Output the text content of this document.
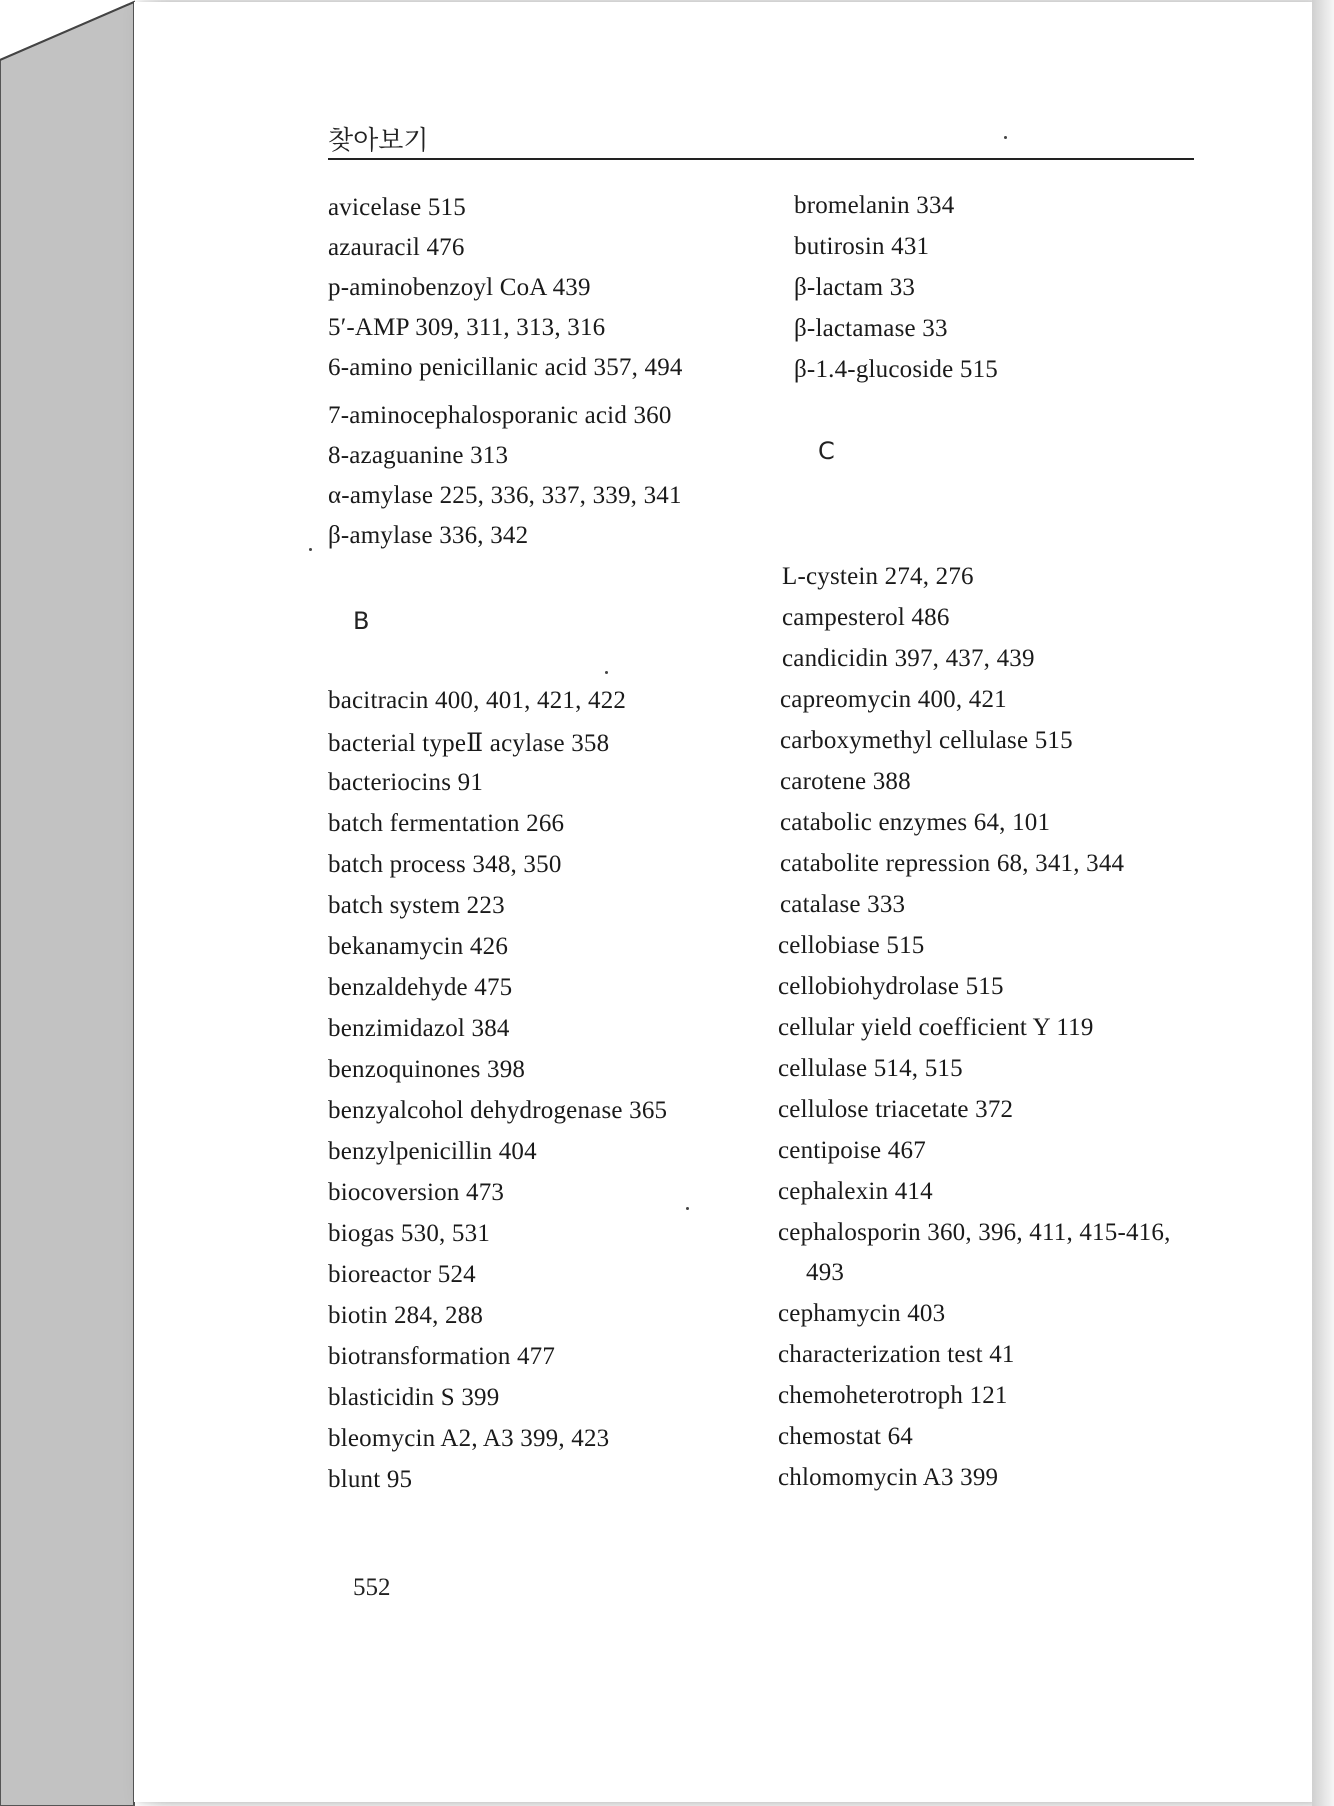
찾아보기
avicelase 515
azauracil 476
p-aminobenzoyl CoA 439
5′-AMP 309, 311, 313, 316
6-amino penicillanic acid 357, 494
7-aminocephalosporanic acid 360
8-azaguanine 313
α-amylase 225, 336, 337, 339, 341
β-amylase 336, 342
B
bacitracin 400, 401, 421, 422
bacterial typeⅡ acylase 358
bacteriocins 91
batch fermentation 266
batch process 348, 350
batch system 223
bekanamycin 426
benzaldehyde 475
benzimidazol 384
benzoquinones 398
benzyalcohol dehydrogenase 365
benzylpenicillin 404
biocoversion 473
biogas 530, 531
bioreactor 524
biotin 284, 288
biotransformation 477
blasticidin S 399
bleomycin A2, A3 399, 423
blunt 95
bromelanin 334
butirosin 431
β-lactam 33
β-lactamase 33
β-1.4-glucoside 515
C
L-cystein 274, 276
campesterol 486
candicidin 397, 437, 439
capreomycin 400, 421
carboxymethyl cellulase 515
carotene 388
catabolic enzymes 64, 101
catabolite repression 68, 341, 344
catalase 333
cellobiase 515
cellobiohydrolase 515
cellular yield coefficient Y 119
cellulase 514, 515
cellulose triacetate 372
centipoise 467
cephalexin 414
cephalosporin 360, 396, 411, 415-416,
493
cephamycin 403
characterization test 41
chemoheterotroph 121
chemostat 64
chlomomycin A3 399
552
